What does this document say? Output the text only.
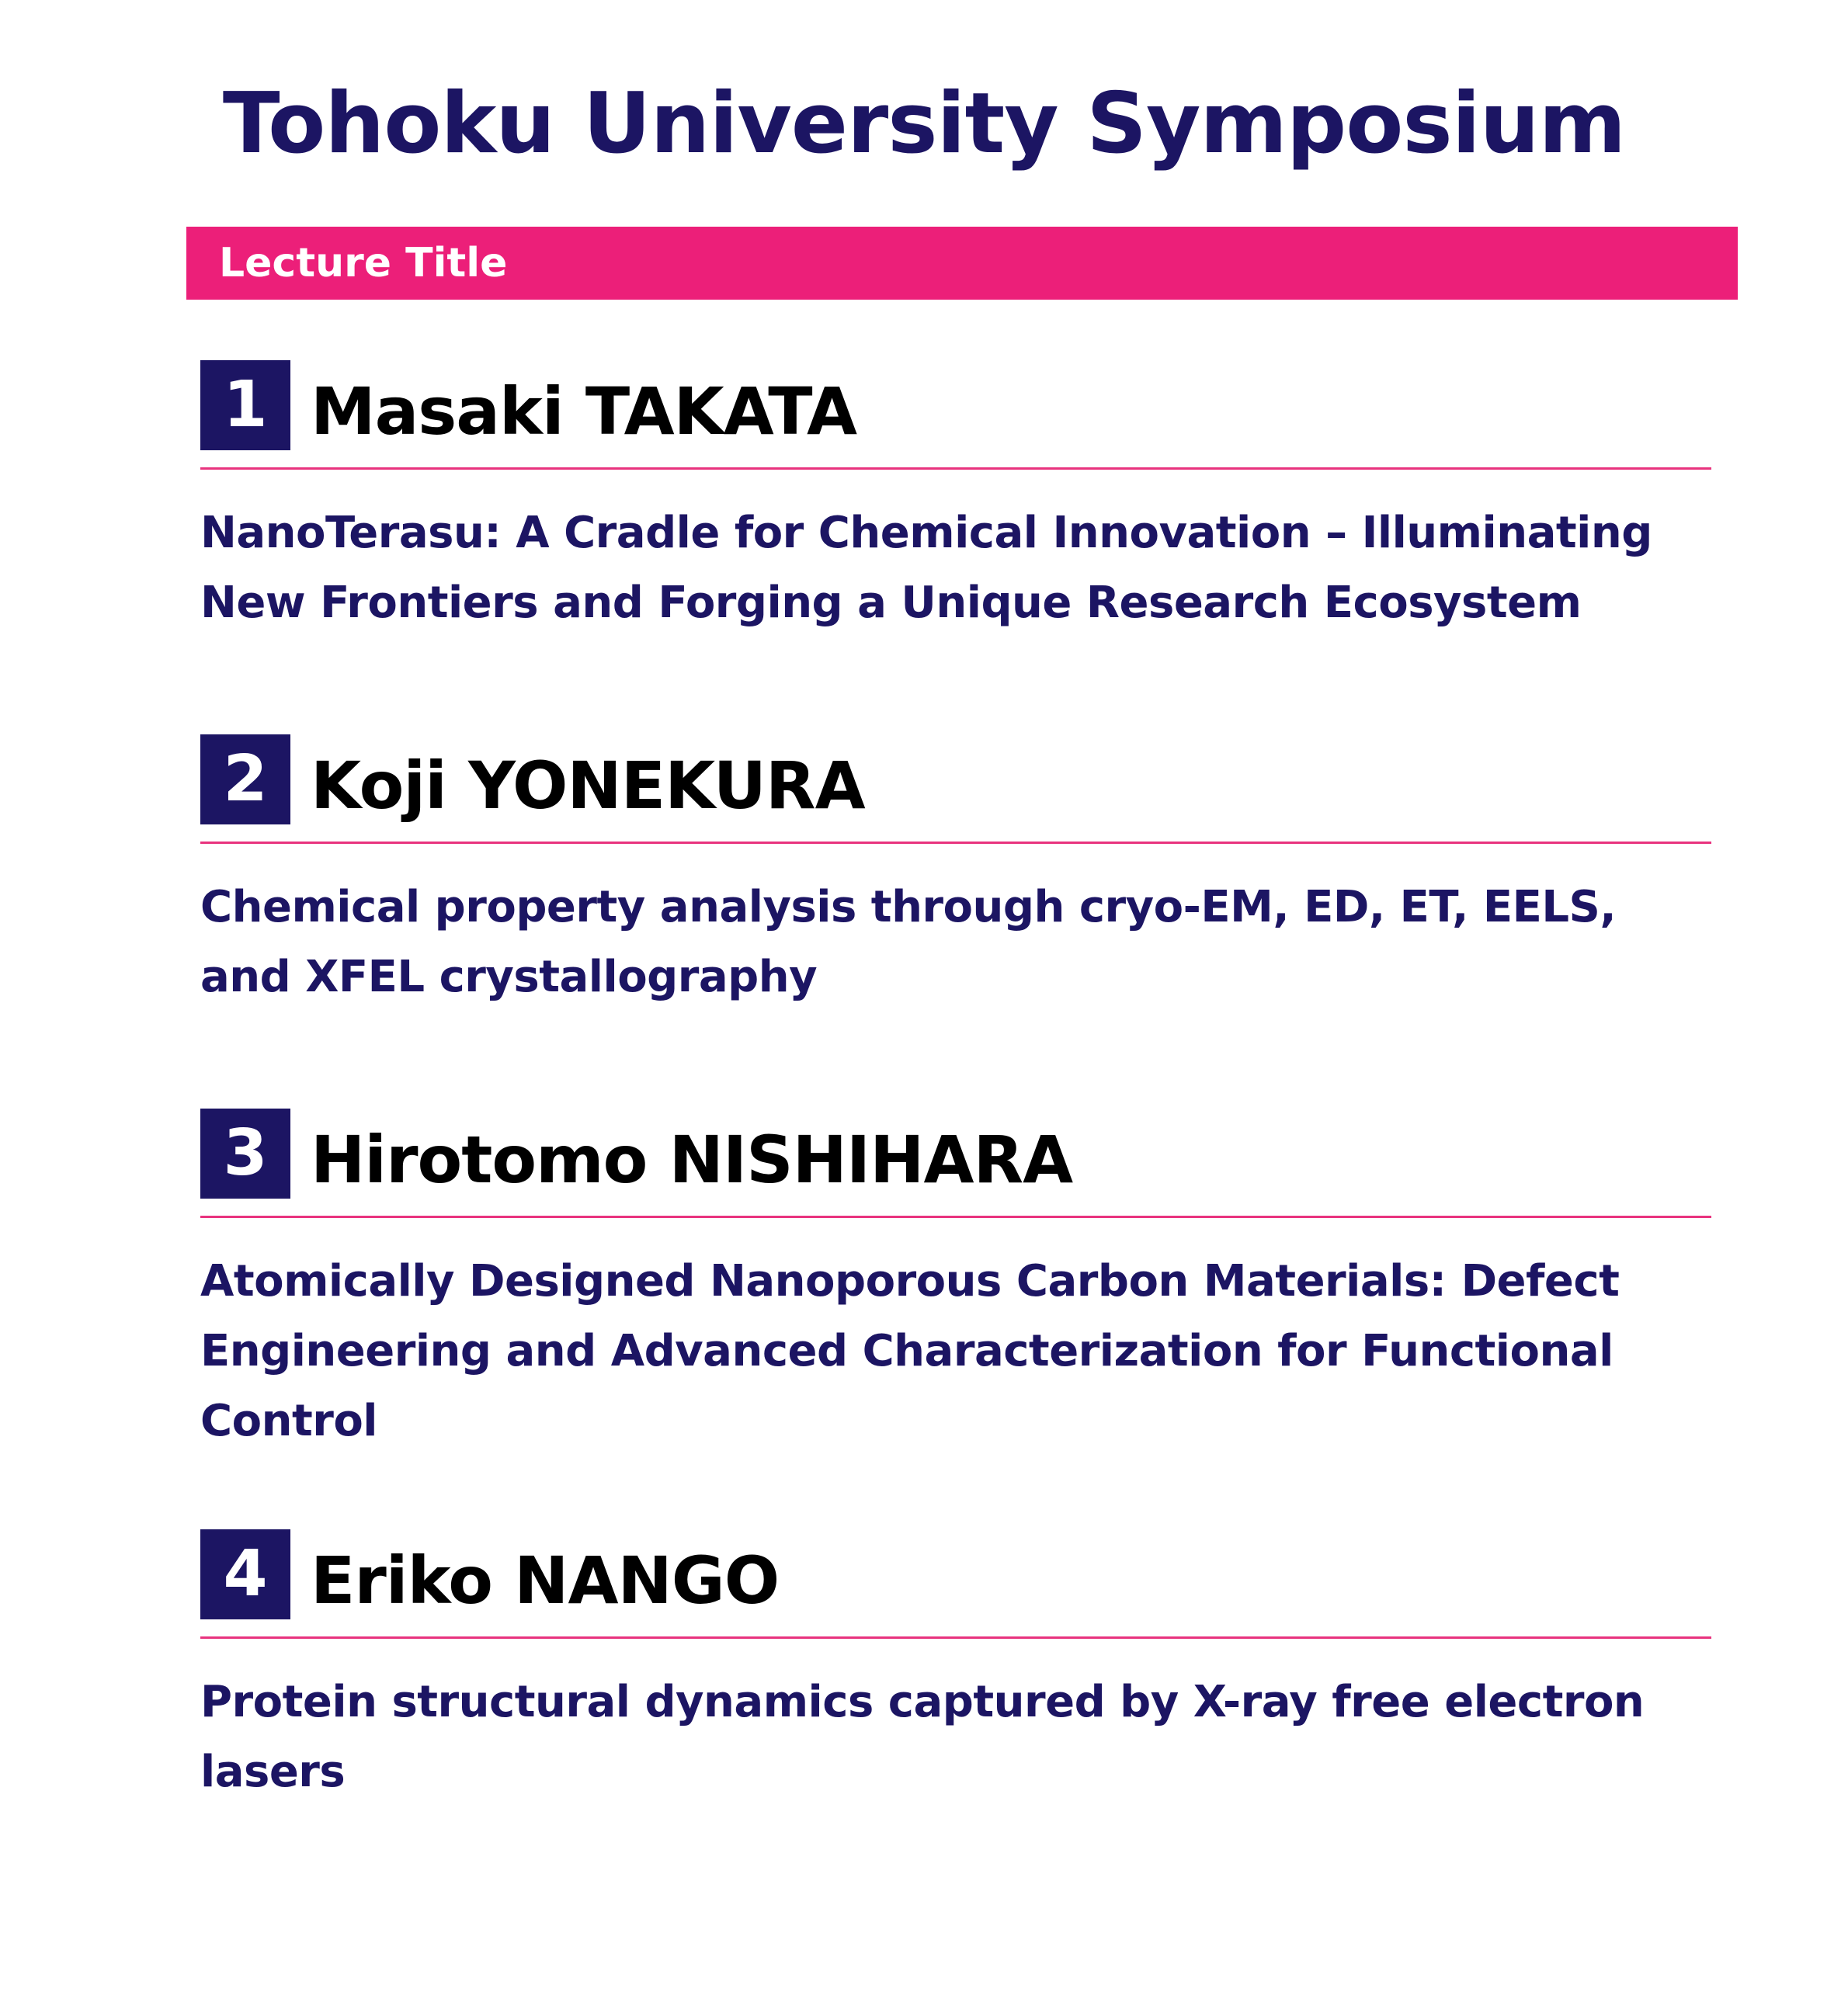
Tohoku University Symposium
Lecture Title
1 Masaki TAKATA
NanoTerasu: A Cradle for Chemical Innovation – Illuminating New Frontiers and Forging a Unique Research Ecosystem
2 Koji YONEKURA
Chemical property analysis through cryo-EM, ED, ET, EELS, and XFEL crystallography
3 Hirotomo NISHIHARA
Atomically Designed Nanoporous Carbon Materials: Defect Engineering and Advanced Characterization for Functional Control
4 Eriko NANGO
Protein structural dynamics captured by X-ray free electron lasers
